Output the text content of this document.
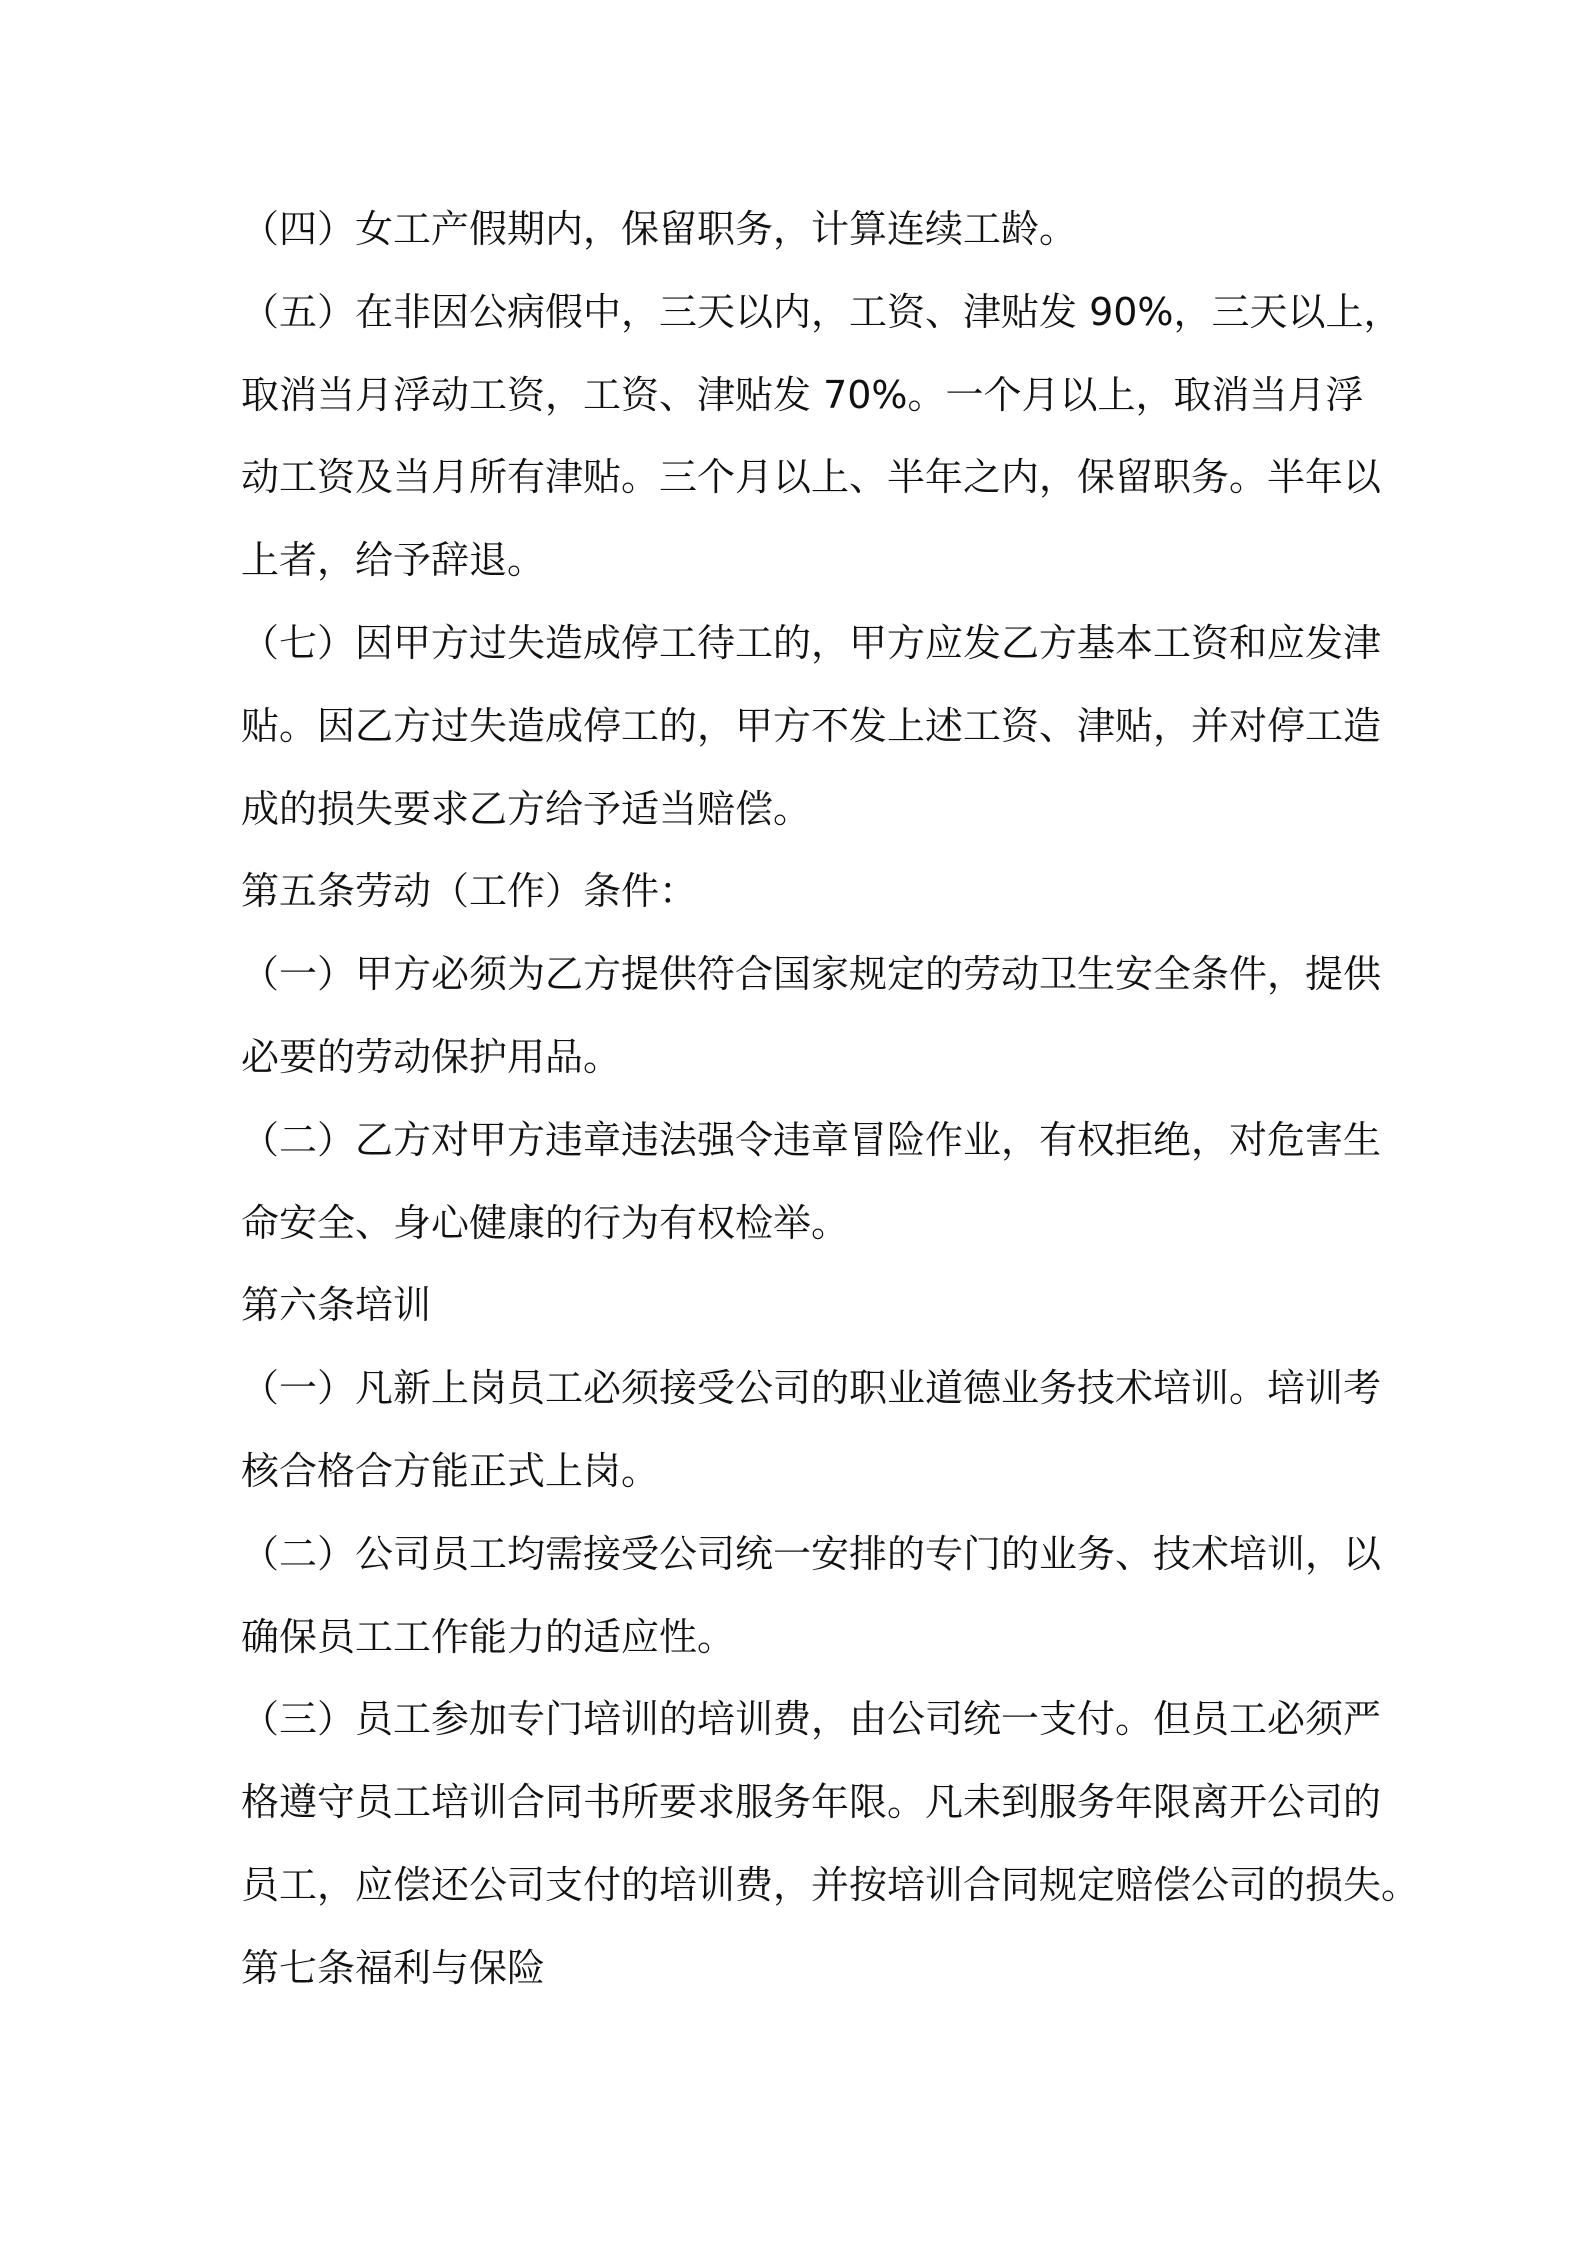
（四）女工产假期内，保留职务，计算连续工龄。
（五）在非因公病假中，三天以内，工资、津贴发 90%，三天以上，
取消当月浮动工资，工资、津贴发 70%。一个月以上，取消当月浮
动工资及当月所有津贴。三个月以上、半年之内，保留职务。半年以
上者，给予辞退。
（七）因甲方过失造成停工待工的，甲方应发乙方基本工资和应发津
贴。因乙方过失造成停工的，甲方不发上述工资、津贴，并对停工造
成的损失要求乙方给予适当赔偿。
第五条劳动（工作）条件：
（一）甲方必须为乙方提供符合国家规定的劳动卫生安全条件，提供
必要的劳动保护用品。
（二）乙方对甲方违章违法强令违章冒险作业，有权拒绝，对危害生
命安全、身心健康的行为有权检举。
第六条培训
（一）凡新上岗员工必须接受公司的职业道德业务技术培训。培训考
核合格合方能正式上岗。
（二）公司员工均需接受公司统一安排的专门的业务、技术培训，以
确保员工工作能力的适应性。
（三）员工参加专门培训的培训费，由公司统一支付。但员工必须严
格遵守员工培训合同书所要求服务年限。凡未到服务年限离开公司的
员工，应偿还公司支付的培训费，并按培训合同规定赔偿公司的损失。
第七条福利与保险
